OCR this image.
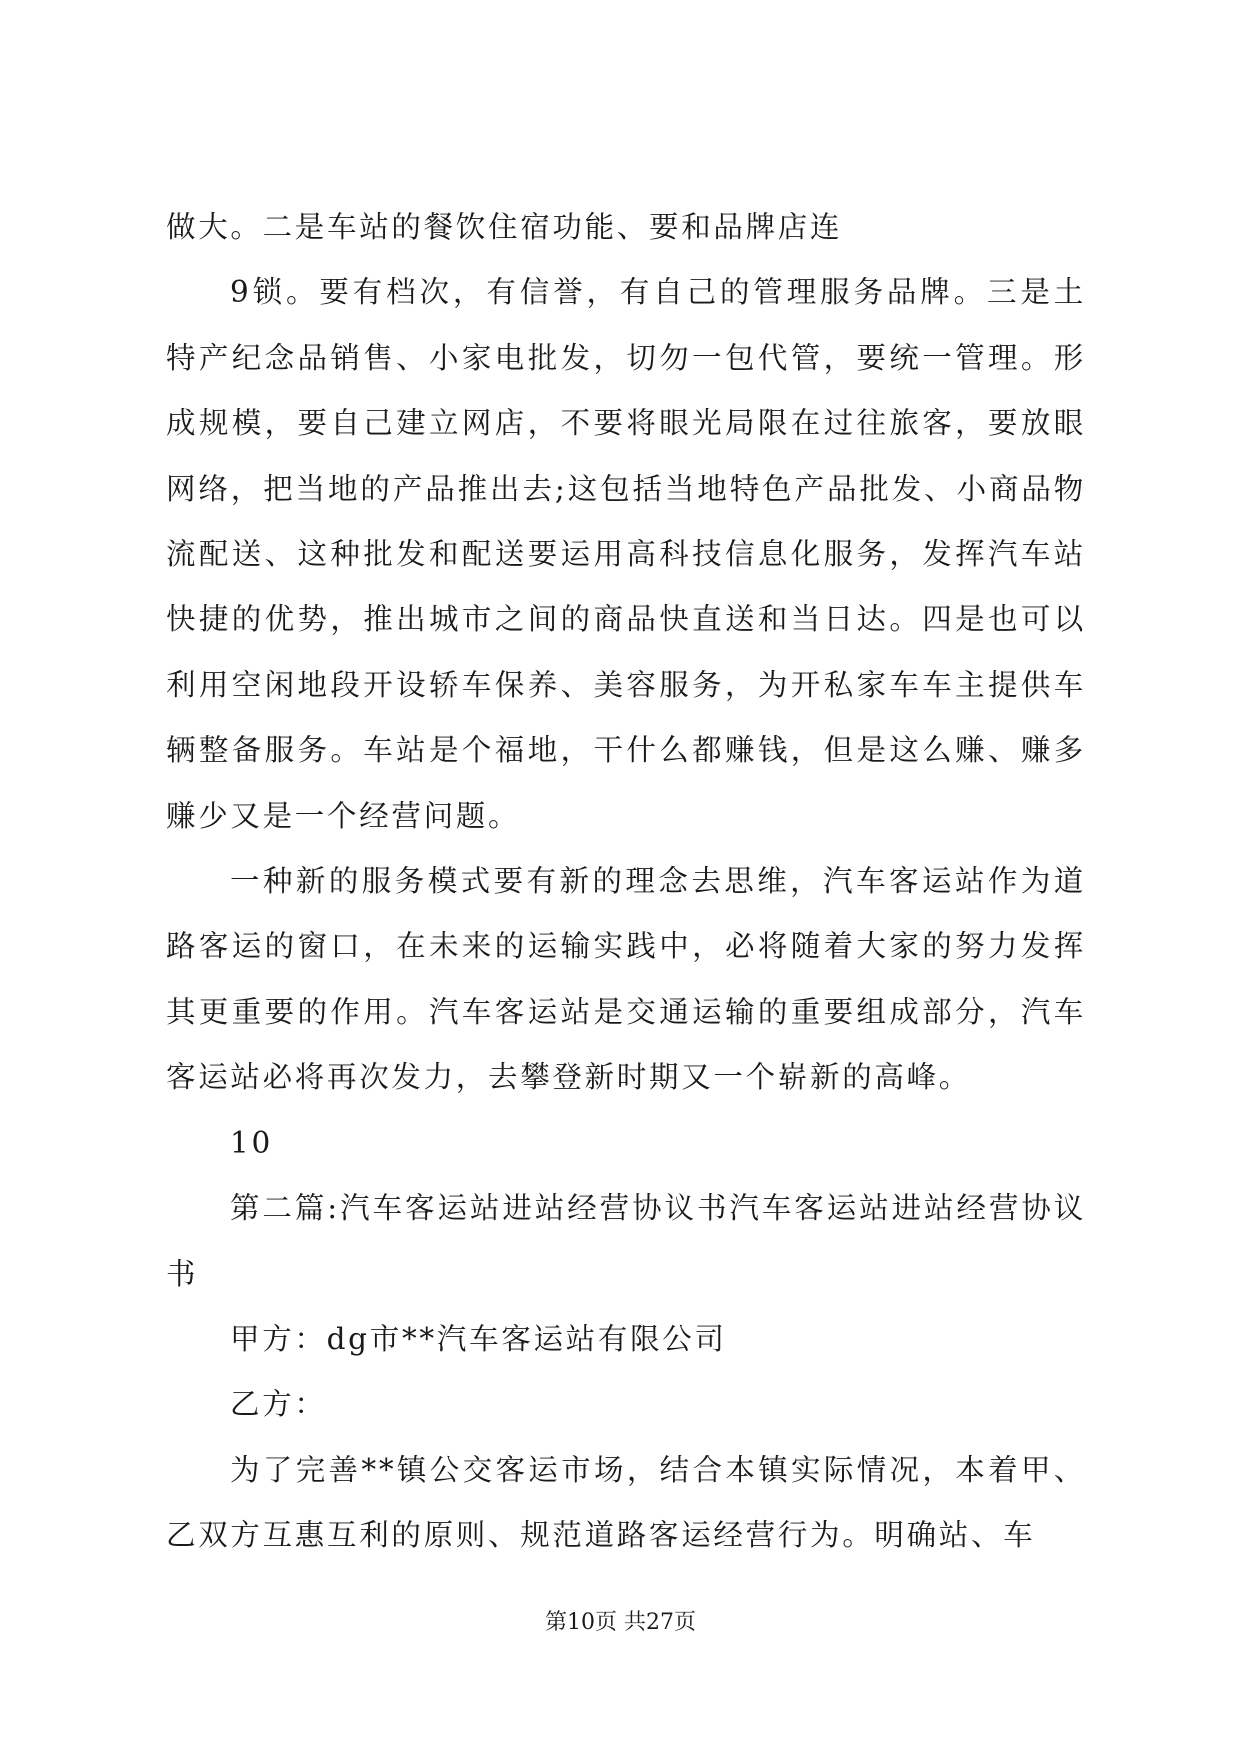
做大。二是车站的餐饮住宿功能、要和品牌店连

9锁。要有档次，有信誉，有自己的管理服务品牌。三是土特产纪念品销售、小家电批发，切勿一包代管，要统一管理。形成规模，要自己建立网店，不要将眼光局限在过往旅客，要放眼网络，把当地的产品推出去;这包括当地特色产品批发、小商品物流配送、这种批发和配送要运用高科技信息化服务，发挥汽车站快捷的优势，推出城市之间的商品快直送和当日达。四是也可以利用空闲地段开设轿车保养、美容服务，为开私家车车主提供车辆整备服务。车站是个福地，干什么都赚钱，但是这么赚、赚多赚少又是一个经营问题。

一种新的服务模式要有新的理念去思维，汽车客运站作为道路客运的窗口，在未来的运输实践中，必将随着大家的努力发挥其更重要的作用。汽车客运站是交通运输的重要组成部分，汽车客运站必将再次发力，去攀登新时期又一个崭新的高峰。

10

第二篇:汽车客运站进站经营协议书汽车客运站进站经营协议书

甲方：dg市**汽车客运站有限公司

乙方：

为了完善**镇公交客运市场，结合本镇实际情况，本着甲、乙双方互惠互利的原则、规范道路客运经营行为。明确站、车

第10页 共27页
